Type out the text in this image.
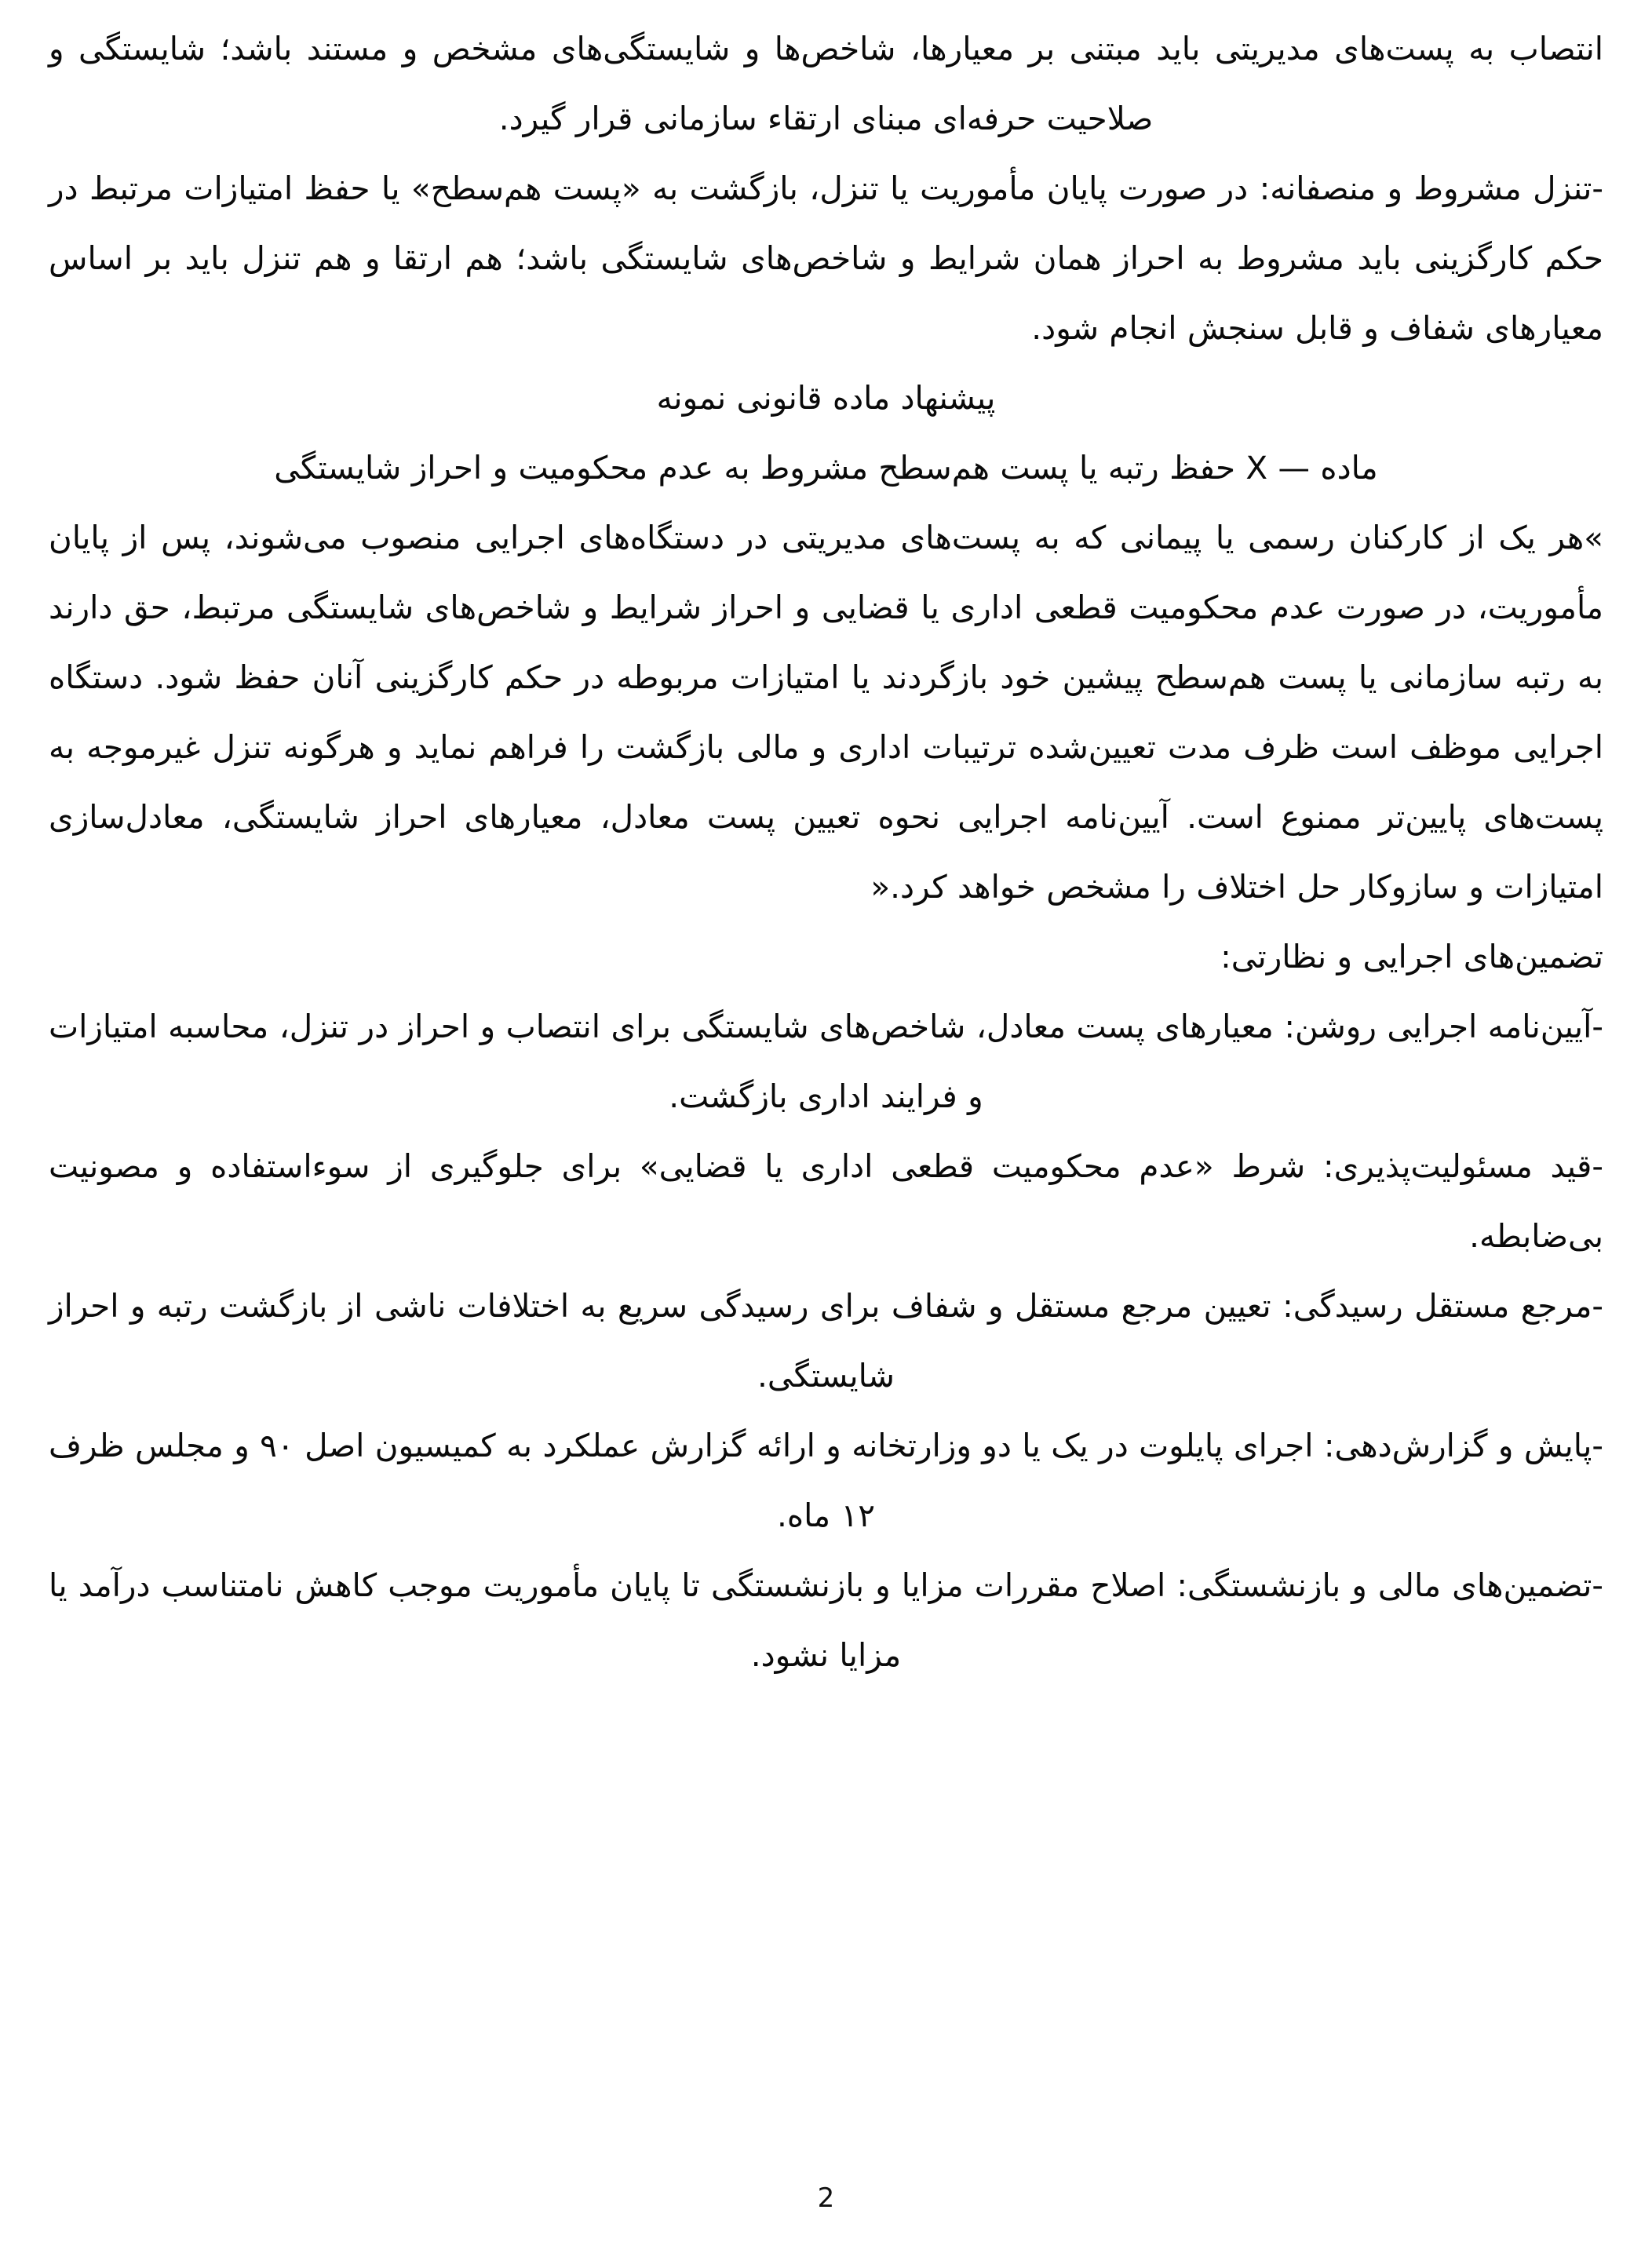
انتصاب به پست‌های مدیریتی باید مبتنی بر معیارها، شاخص‌ها و شایستگی‌های مشخص و مستند باشد؛ شایستگی و صلاحیت حرفه‌ای مبنای ارتقاء سازمانی قرار گیرد.

-تنزل مشروط و منصفانه: در صورت پایان مأموریت یا تنزل، بازگشت به «پست هم‌سطح» یا حفظ امتیازات مرتبط در حکم کارگزینی باید مشروط به احراز همان شرایط و شاخص‌های شایستگی باشد؛ هم ارتقا و هم تنزل باید بر اساس معیارهای شفاف و قابل سنجش انجام شود.

پیشنهاد ماده قانونی نمونه

ماده — X حفظ رتبه یا پست هم‌سطح مشروط به عدم محکومیت و احراز شایستگی

»هر یک از کارکنان رسمی یا پیمانی که به پست‌های مدیریتی در دستگاه‌های اجرایی منصوب می‌شوند، پس از پایان مأموریت، در صورت عدم محکومیت قطعی اداری یا قضایی و احراز شرایط و شاخص‌های شایستگی مرتبط، حق دارند به رتبه سازمانی یا پست هم‌سطح پیشین خود بازگردند یا امتیازات مربوطه در حکم کارگزینی آنان حفظ شود. دستگاه اجرایی موظف است ظرف مدت تعیین‌شده ترتیبات اداری و مالی بازگشت را فراهم نماید و هرگونه تنزل غیرموجه به پست‌های پایین‌تر ممنوع است. آیین‌نامه اجرایی نحوه تعیین پست معادل، معیارهای احراز شایستگی، معادل‌سازی امتیازات و سازوکار حل اختلاف را مشخص خواهد کرد.«

تضمین‌های اجرایی و نظارتی:

-آیین‌نامه اجرایی روشن: معیارهای پست معادل، شاخص‌های شایستگی برای انتصاب و احراز در تنزل، محاسبه امتیازات و فرایند اداری بازگشت.

-قید مسئولیت‌پذیری: شرط «عدم محکومیت قطعی اداری یا قضایی» برای جلوگیری از سوءاستفاده و مصونیت بی‌ضابطه.

-مرجع مستقل رسیدگی: تعیین مرجع مستقل و شفاف برای رسیدگی سریع به اختلافات ناشی از بازگشت رتبه و احراز شایستگی.

-پایش و گزارش‌دهی: اجرای پایلوت در یک یا دو وزارتخانه و ارائه گزارش عملکرد به کمیسیون اصل ۹۰ و مجلس ظرف ۱۲ ماه.

-تضمین‌های مالی و بازنشستگی: اصلاح مقررات مزایا و بازنشستگی تا پایان مأموریت موجب کاهش نامتناسب درآمد یا مزایا نشود.

2
